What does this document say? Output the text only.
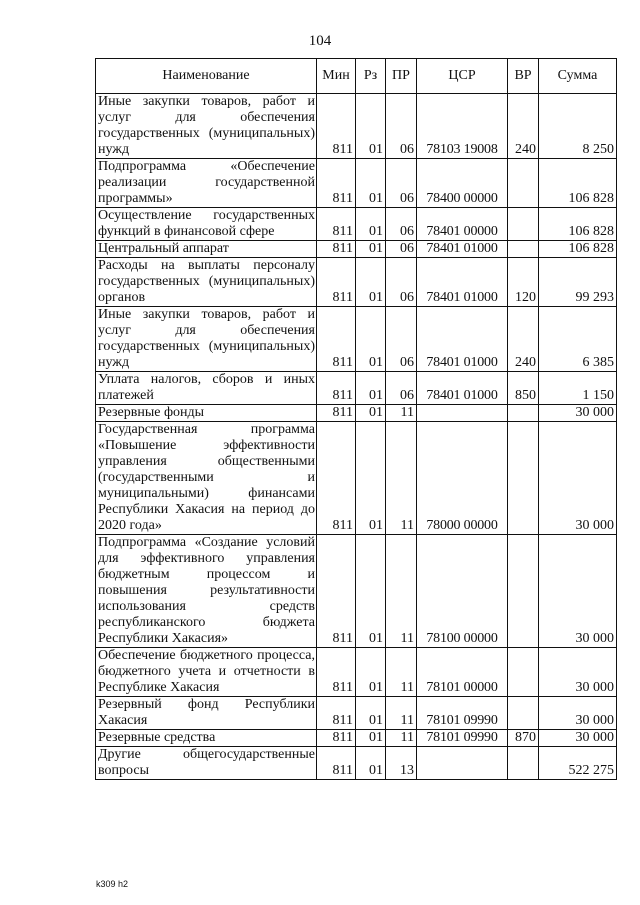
104
Наименование	Мин	Рз	ПР	ЦСР	ВР	Сумма
Иные закупки товаров, работ и услуг для обеспечения государственных (муниципальных) нужд	811	01	06	78103 19008	240	8 250
Подпрограмма «Обеспечение реализации государственной программы»	811	01	06	78400 00000		106 828
Осуществление государственных функций в финансовой сфере	811	01	06	78401 00000		106 828
Центральный аппарат	811	01	06	78401 01000		106 828
Расходы на выплаты персоналу государственных (муниципальных) органов	811	01	06	78401 01000	120	99 293
Иные закупки товаров, работ и услуг для обеспечения государственных (муниципальных) нужд	811	01	06	78401 01000	240	6 385
Уплата налогов, сборов и иных платежей	811	01	06	78401 01000	850	1 150
Резервные фонды	811	01	11			30 000
Государственная программа «Повышение эффективности управления общественными (государственными и муниципальными) финансами Республики Хакасия на период до 2020 года»	811	01	11	78000 00000		30 000
Подпрограмма «Создание условий для эффективного управления бюджетным процессом и повышения результативности использования средств республиканского бюджета Республики Хакасия»	811	01	11	78100 00000		30 000
Обеспечение бюджетного процесса, бюджетного учета и отчетности в Республике Хакасия	811	01	11	78101 00000		30 000
Резервный фонд Республики Хакасия	811	01	11	78101 09990		30 000
Резервные средства	811	01	11	78101 09990	870	30 000
Другие общегосударственные вопросы	811	01	13			522 275
k309 h2
